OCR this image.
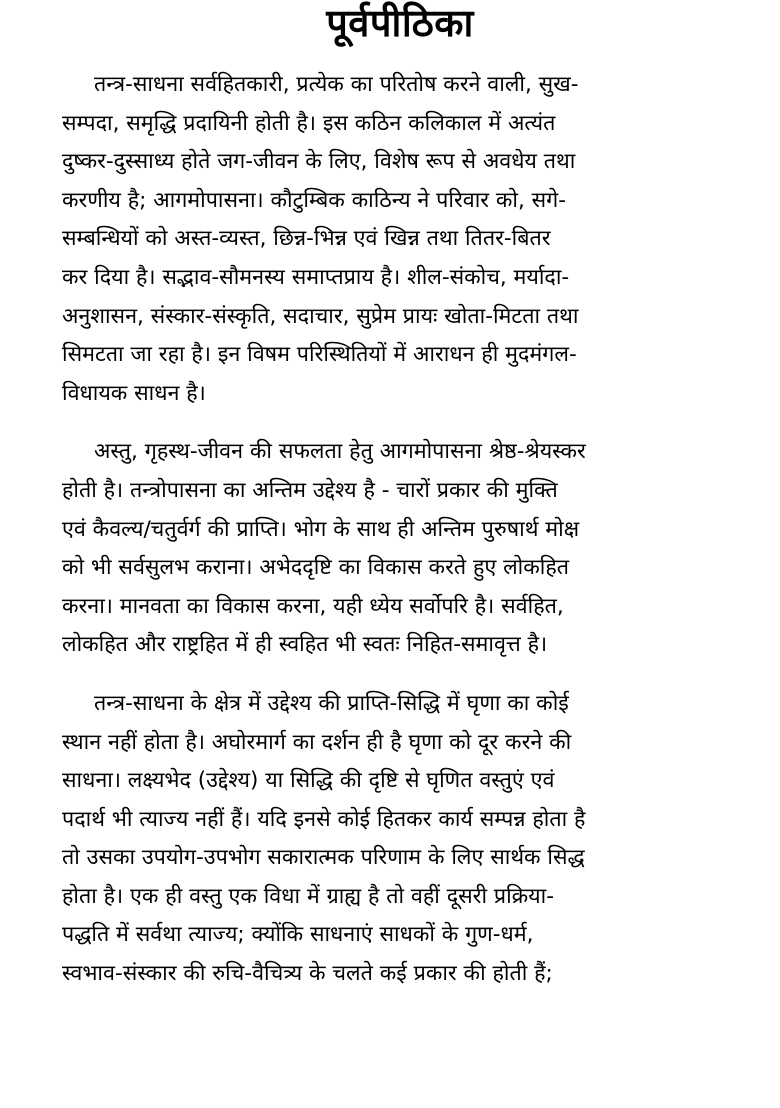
पूर्वपीठिका

तन्त्र-साधना सर्वहितकारी, प्रत्येक का परितोष करने वाली, सुख-
सम्पदा, समृद्धि प्रदायिनी होती है। इस कठिन कलिकाल में अत्यंत
दुष्कर-दुस्साध्य होते जग-जीवन के लिए, विशेष रूप से अवधेय तथा
करणीय है; आगमोपासना। कौटुम्बिक काठिन्य ने परिवार को, सगे-
सम्बन्धियों को अस्त-व्यस्त, छिन्न-भिन्न एवं खिन्न तथा तितर-बितर
कर दिया है। सद्भाव-सौमनस्य समाप्तप्राय है। शील-संकोच, मर्यादा-
अनुशासन, संस्कार-संस्कृति, सदाचार, सुप्रेम प्रायः खोता-मिटता तथा
सिमटता जा रहा है। इन विषम परिस्थितियों में आराधन ही मुदमंगल-
विधायक साधन है।

अस्तु, गृहस्थ-जीवन की सफलता हेतु आगमोपासना श्रेष्ठ-श्रेयस्कर
होती है। तन्त्रोपासना का अन्तिम उद्देश्य है - चारों प्रकार की मुक्ति
एवं कैवल्य/चतुर्वर्ग की प्राप्ति। भोग के साथ ही अन्तिम पुरुषार्थ मोक्ष
को भी सर्वसुलभ कराना। अभेददृष्टि का विकास करते हुए लोकहित
करना। मानवता का विकास करना, यही ध्येय सर्वोपरि है। सर्वहित,
लोकहित और राष्ट्रहित में ही स्वहित भी स्वतः निहित-समावृत्त है।

तन्त्र-साधना के क्षेत्र में उद्देश्य की प्राप्ति-सिद्धि में घृणा का कोई
स्थान नहीं होता है। अघोरमार्ग का दर्शन ही है घृणा को दूर करने की
साधना। लक्ष्यभेद (उद्देश्य) या सिद्धि की दृष्टि से घृणित वस्तुएं एवं
पदार्थ भी त्याज्य नहीं हैं। यदि इनसे कोई हितकर कार्य सम्पन्न होता है
तो उसका उपयोग-उपभोग सकारात्मक परिणाम के लिए सार्थक सिद्ध
होता है। एक ही वस्तु एक विधा में ग्राह्य है तो वहीं दूसरी प्रक्रिया-
पद्धति में सर्वथा त्याज्य; क्योंकि साधनाएं साधकों के गुण-धर्म,
स्वभाव-संस्कार की रुचि-वैचित्र्य के चलते कई प्रकार की होती हैं;
